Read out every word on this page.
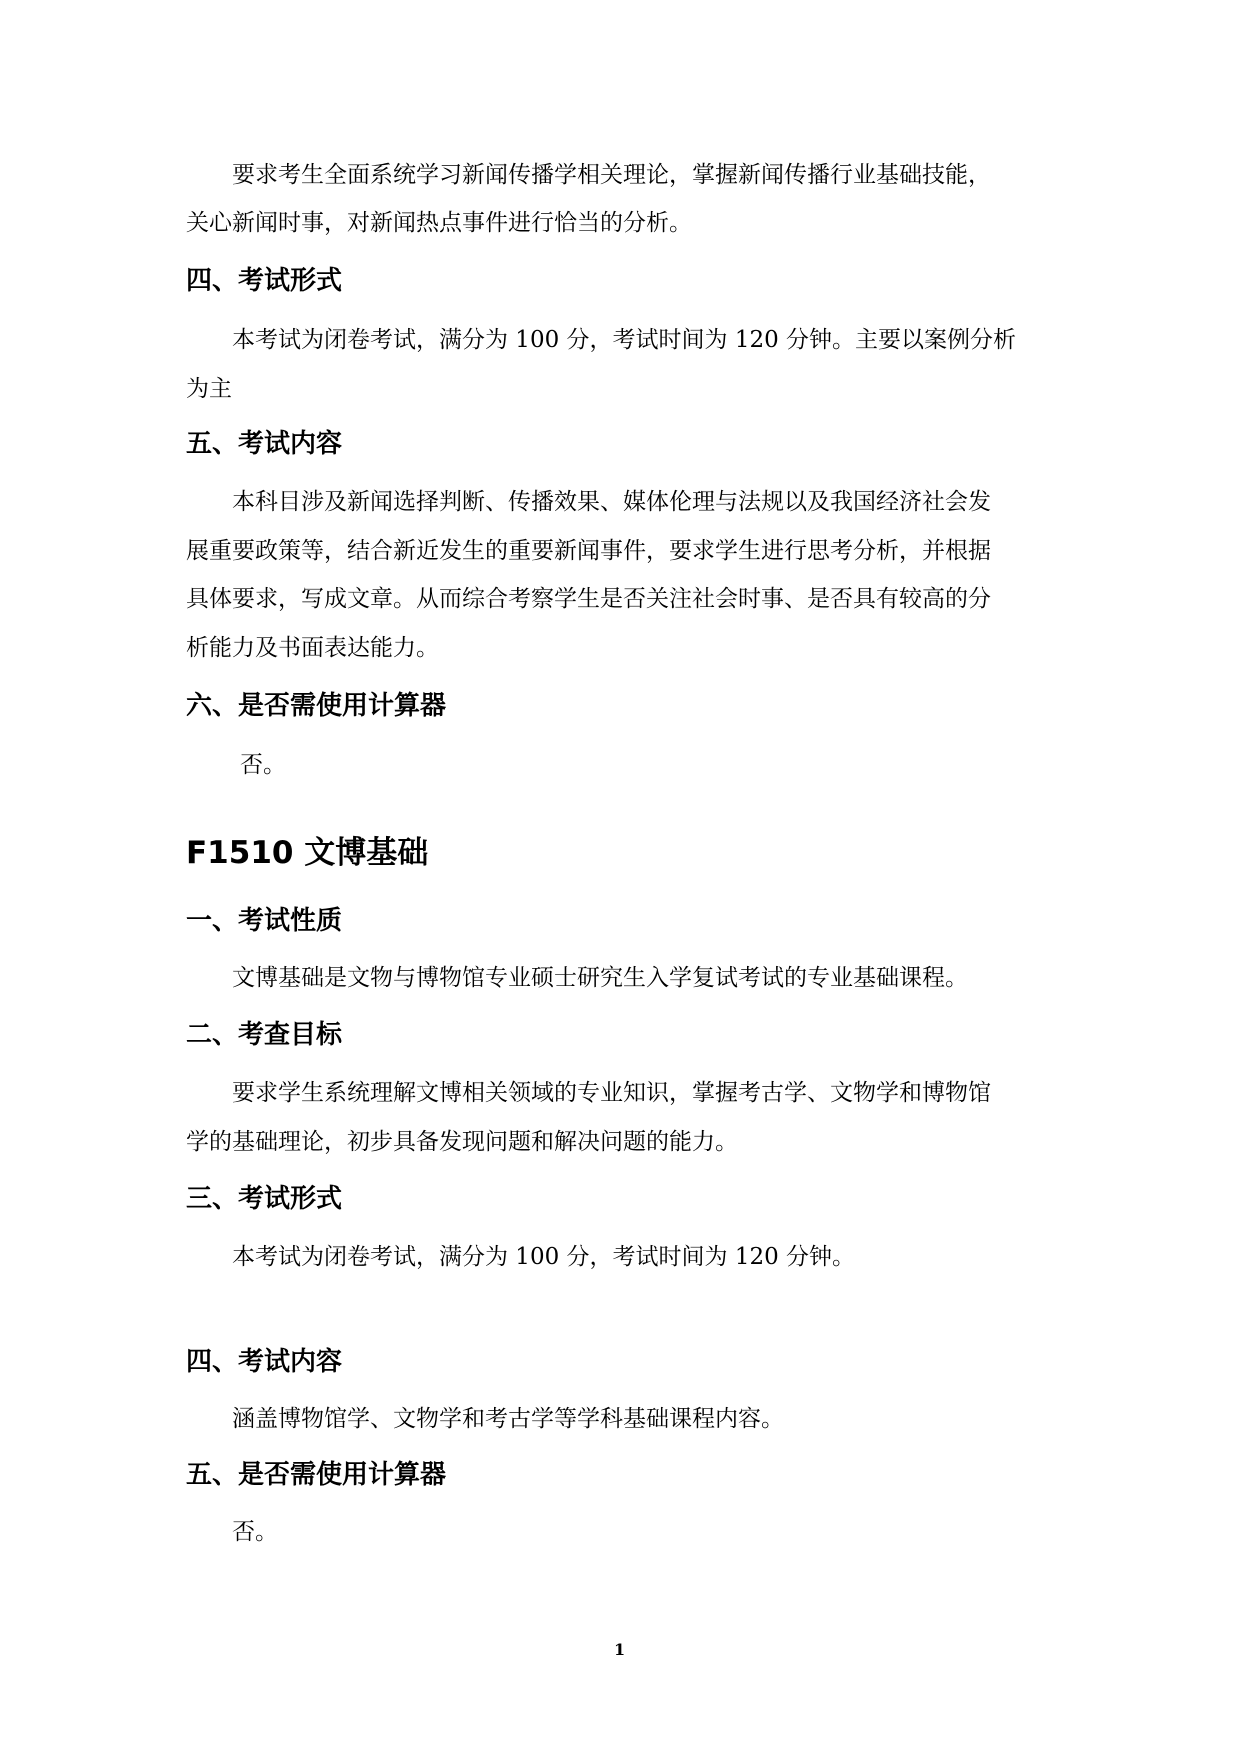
要求考生全面系统学习新闻传播学相关理论，掌握新闻传播行业基础技能，

关心新闻时事，对新闻热点事件进行恰当的分析。

四、考试形式

本考试为闭卷考试，满分为 100 分，考试时间为 120 分钟。主要以案例分析

为主

五、考试内容

本科目涉及新闻选择判断、传播效果、媒体伦理与法规以及我国经济社会发

展重要政策等，结合新近发生的重要新闻事件，要求学生进行思考分析，并根据

具体要求，写成文章。从而综合考察学生是否关注社会时事、是否具有较高的分

析能力及书面表达能力。

六、是否需使用计算器

否。

F1510 文博基础
一、考试性质

文博基础是文物与博物馆专业硕士研究生入学复试考试的专业基础课程。

二、考查目标

要求学生系统理解文博相关领域的专业知识，掌握考古学、文物学和博物馆

学的基础理论，初步具备发现问题和解决问题的能力。

三、考试形式

本考试为闭卷考试，满分为 100 分，考试时间为 120 分钟。

四、考试内容

涵盖博物馆学、文物学和考古学等学科基础课程内容。

五、是否需使用计算器

否。

1
